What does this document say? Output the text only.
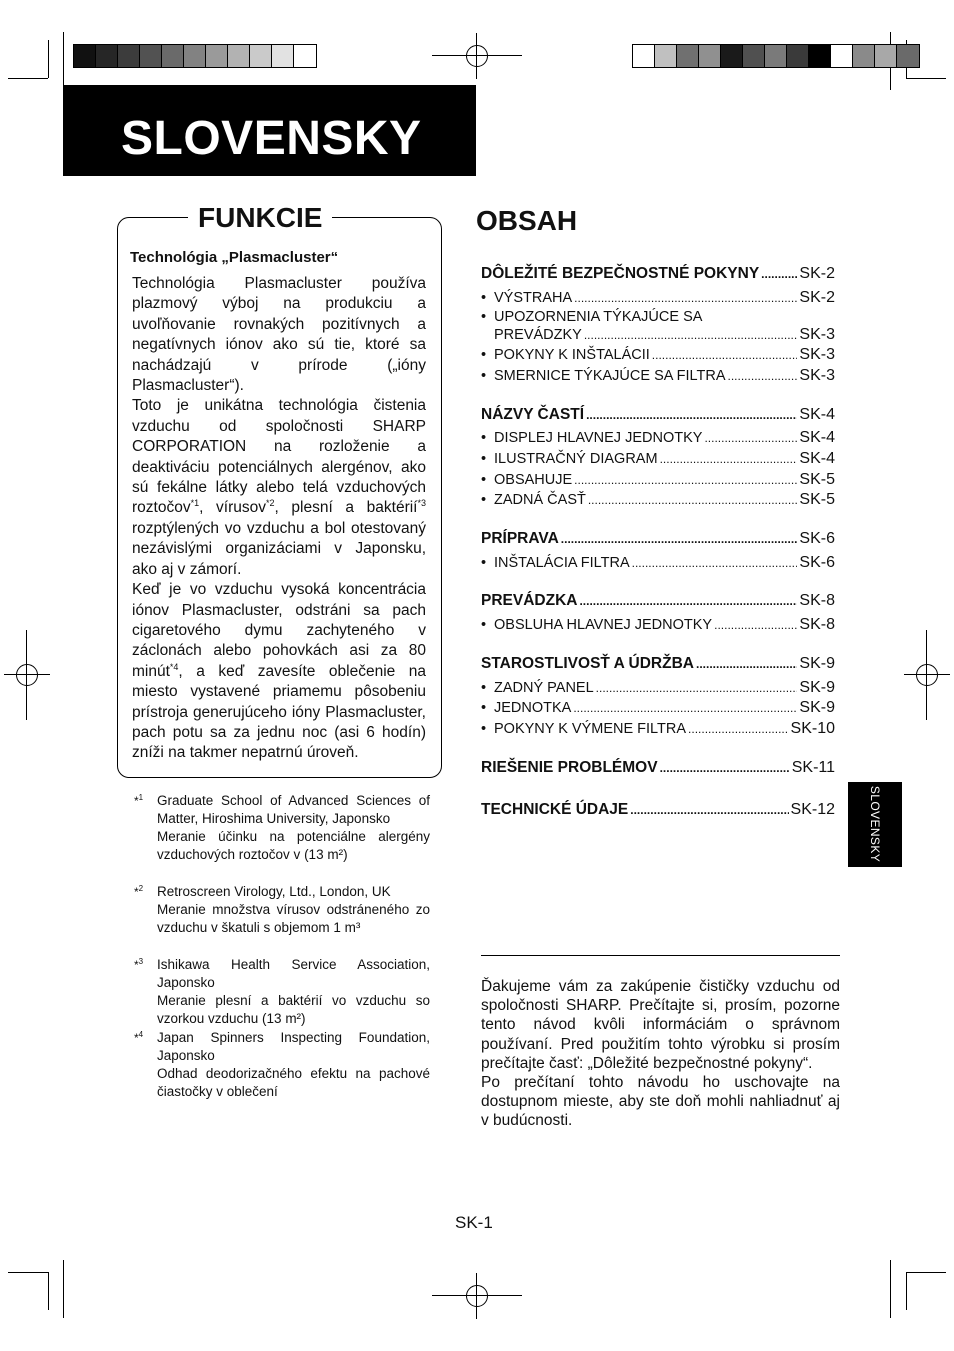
SLOVENSKY
FUNKCIE
Technológia „Plasmacluster“
Technológia Plasmacluster používa plazmový výboj na produkciu a uvoľňovanie rovnakých pozitívnych a negatívnych iónov ako sú tie, ktoré sa nachádzajú v prírode („ióny Plasmacluster“).
Toto je unikátna technológia čistenia vzduchu od spoločnosti SHARP CORPORATION na rozloženie a deaktiváciu potenciálnych alergénov, ako sú fekálne látky alebo telá vzduchových roztočov$^{*1}$, vírusov$^{*2}$, plesní a baktérií$^{*3}$ rozptýlených vo vzduchu a bol otestovaný nezávislými organizáciami v Japonsku, ako aj v zámorí.
Keď je vo vzduchu vysoká koncentrácia iónov Plasmacluster, odstráni sa pach cigaretového dymu zachyteného v záclonách alebo pohovkách asi za 80 minút$^{*4}$, a keď zavesíte oblečenie na miesto vystavené priamemu pôsobeniu prístroja generujúceho ióny Plasmacluster, pach potu sa za jednu noc (asi 6 hodín) zníži na takmer nepatrnú úroveň.
*$^1$ Graduate School of Advanced Sciences of Matter, Hiroshima University, Japonsko
Meranie účinku na potenciálne alergény vzduchových roztočov v (13 m²)
*$^2$ Retroscreen Virology, Ltd., London, UK
Meranie množstva vírusov odstráneného zo vzduchu v škatuli s objemom 1 m³
*$^3$ Ishikawa Health Service Association, Japonsko
Meranie plesní a baktérií vo vzduchu so vzorkou vzduchu (13 m²)
*$^4$ Japan Spinners Inspecting Foundation, Japonsko
Odhad deodorizačného efektu na pachové čiastočky v oblečení
OBSAH
DÔLEŽITÉ BEZPEČNOSTNÉ POKYNY .....	SK-2
• VÝSTRAHA .....	SK-2
• UPOZORNENIA TÝKAJÚCE SA
PREVÁDZKY .....	SK-3
• POKYNY K INŠTALÁCII .....	SK-3
• SMERNICE TÝKAJÚCE SA FILTRA .....	SK-3
NÁZVY ČASTÍ .....	SK-4
• DISPLEJ HLAVNEJ JEDNOTKY .....	SK-4
• ILUSTRAČNÝ DIAGRAM .....	SK-4
• OBSAHUJE .....	SK-5
• ZADNÁ ČASŤ .....	SK-5
PRÍPRAVA .....	SK-6
• INŠTALÁCIA FILTRA .....	SK-6
PREVÁDZKA .....	SK-8
• OBSLUHA HLAVNEJ JEDNOTKY .....	SK-8
STAROSTLIVOSŤ A ÚDRŽBA .....	SK-9
• ZADNÝ PANEL .....	SK-9
• JEDNOTKA .....	SK-9
• POKYNY K VÝMENE FILTRA .....	SK-10
RIEŠENIE PROBLÉMOV .....	SK-11
TECHNICKÉ ÚDAJE .....	SK-12
Ďakujeme vám za zakúpenie čističky vzduchu od spoločnosti SHARP. Prečítajte si, prosím, pozorne tento návod kvôli informáciám o správnom používaní. Pred použitím tohto výrobku si prosím prečítajte časť: „Dôležité bezpečnostné pokyny“.
Po prečítaní tohto návodu ho uschovajte na dostupnom mieste, aby ste doň mohli nahliadnuť aj v budúcnosti.
SK-1
SLOVENSKY
